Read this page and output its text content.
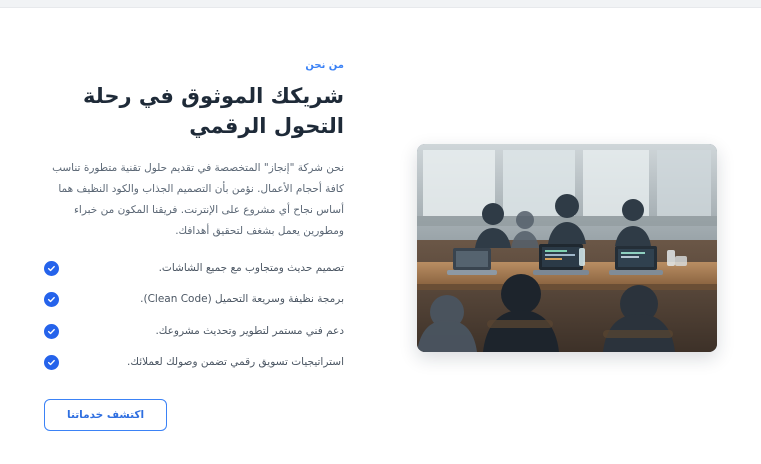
من نحن
شريكك الموثوق في رحلة التحول الرقمي

نحن شركة "إنجاز" المتخصصة في تقديم حلول تقنية متطورة تناسب كافة أحجام الأعمال. نؤمن بأن التصميم الجذاب والكود النظيف هما أساس نجاح أي مشروع على الإنترنت. فريقنا المكون من خبراء ومطورين يعمل بشغف لتحقيق أهدافك.

تصميم حديث ومتجاوب مع جميع الشاشات.
برمجة نظيفة وسريعة التحميل (Clean Code).
دعم فني مستمر لتطوير وتحديث مشروعك.
استراتيجيات تسويق رقمي تضمن وصولك لعملائك.
اكتشف خدماتنا
